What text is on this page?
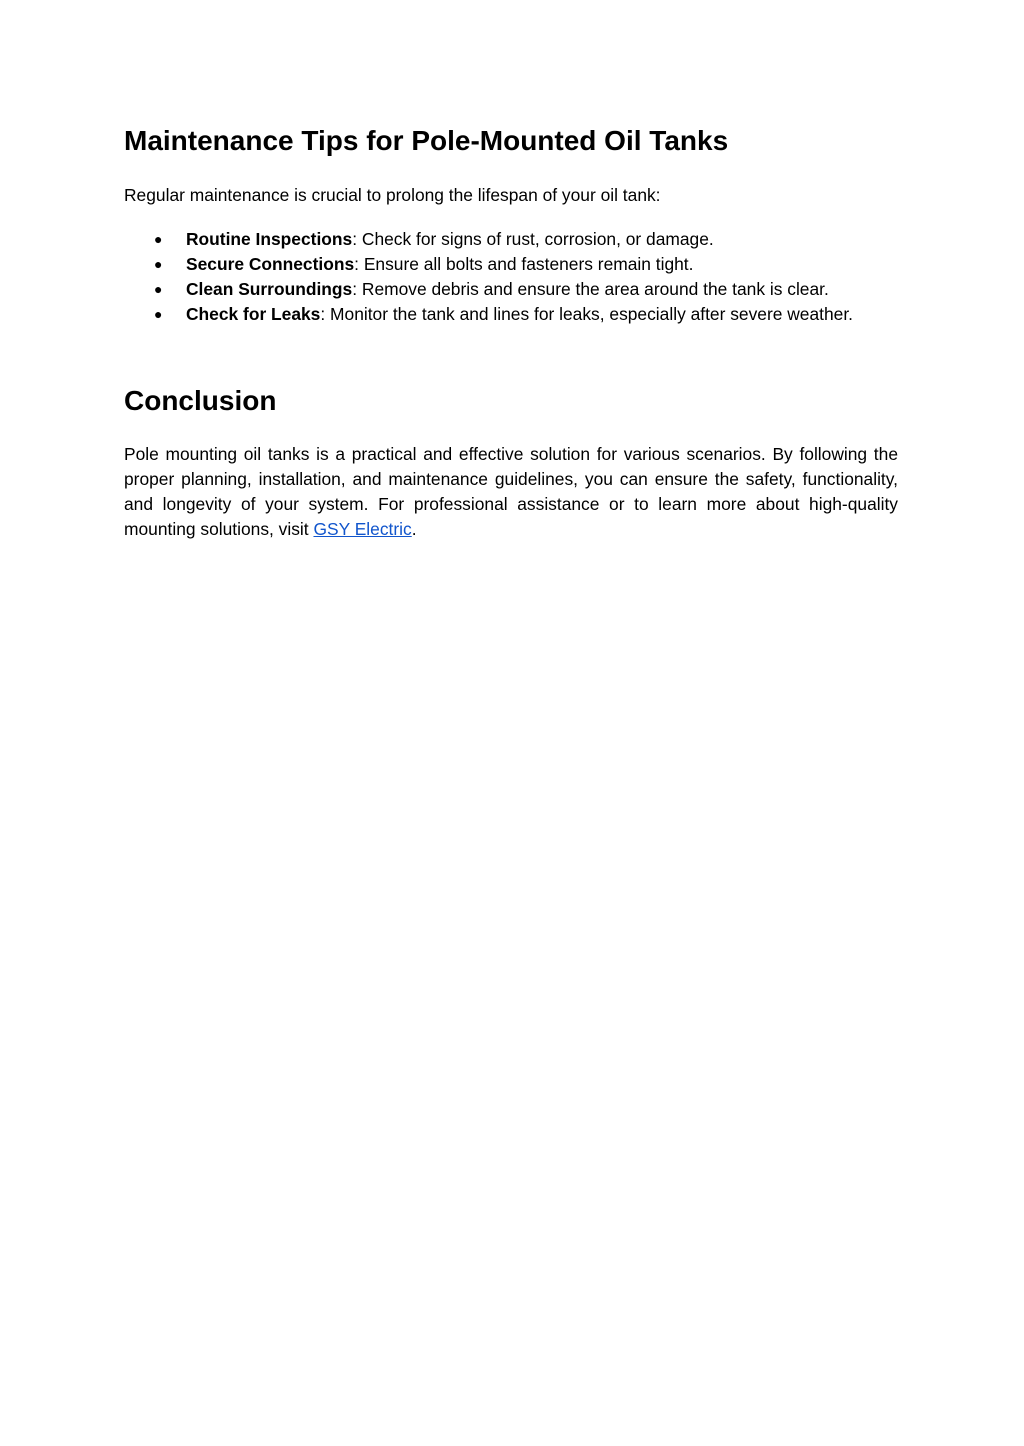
Maintenance Tips for Pole-Mounted Oil Tanks

Regular maintenance is crucial to prolong the lifespan of your oil tank:

●	Routine Inspections: Check for signs of rust, corrosion, or damage.
●	Secure Connections: Ensure all bolts and fasteners remain tight.
●	Clean Surroundings: Remove debris and ensure the area around the tank is clear.
●	Check for Leaks: Monitor the tank and lines for leaks, especially after severe weather.
Conclusion

Pole mounting oil tanks is a practical and effective solution for various scenarios. By following the proper planning, installation, and maintenance guidelines, you can ensure the safety, functionality, and longevity of your system. For professional assistance or to learn more about high-quality mounting solutions, visit GSY Electric.
